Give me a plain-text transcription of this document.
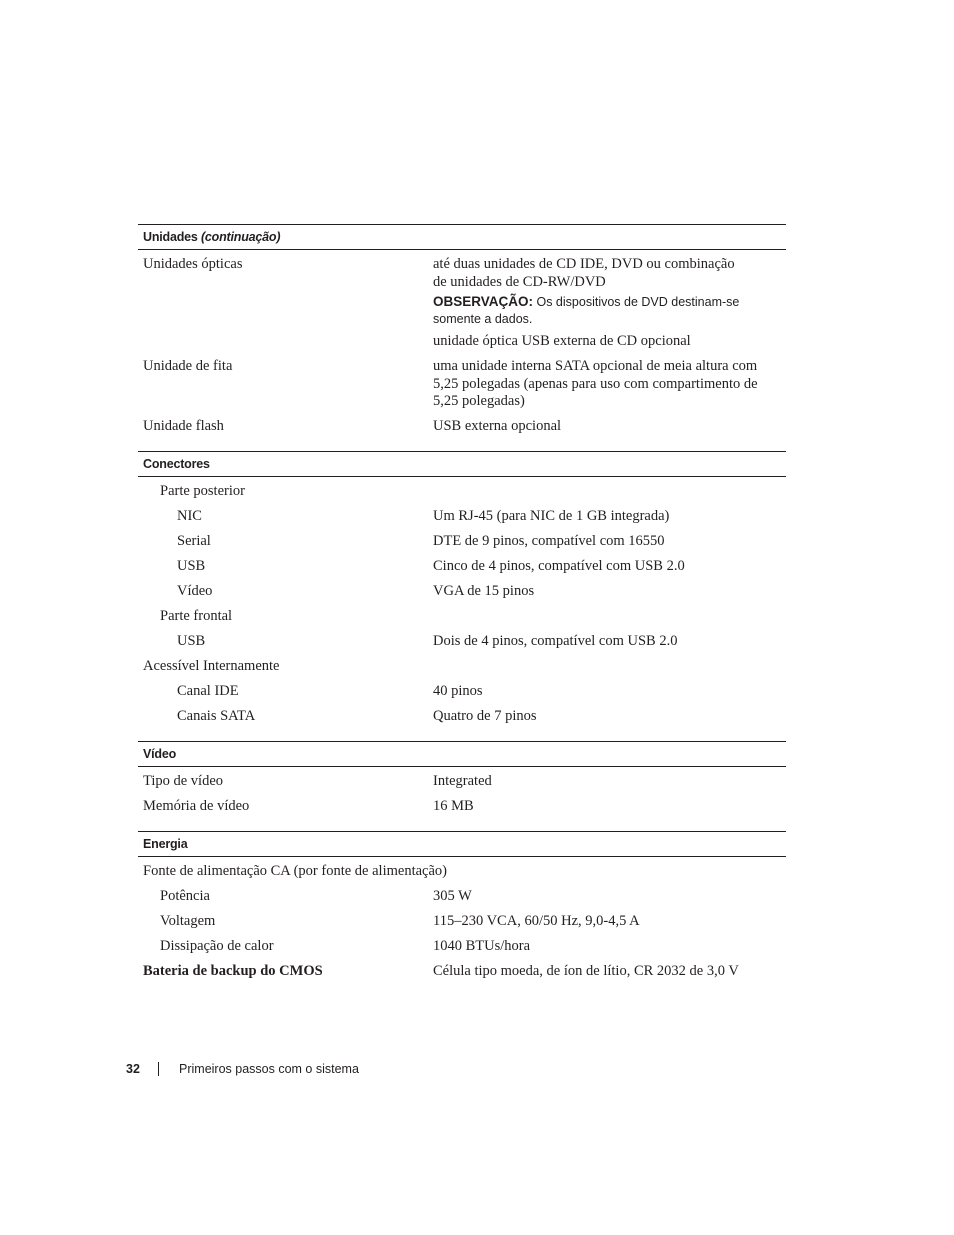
Unidades (continuação)
Unidades ópticas	até duas unidades de CD IDE, DVD ou combinação
de unidades de CD-RW/DVD
OBSERVAÇÃO: Os dispositivos de DVD destinam-se
somente a dados.
unidade óptica USB externa de CD opcional
Unidade de fita	uma unidade interna SATA opcional de meia altura com
5,25 polegadas (apenas para uso com compartimento de
5,25 polegadas)
Unidade flash	USB externa opcional
Conectores
Parte posterior
NIC	Um RJ-45 (para NIC de 1 GB integrada)
Serial	DTE de 9 pinos, compatível com 16550
USB	Cinco de 4 pinos, compatível com USB 2.0
Vídeo	VGA de 15 pinos
Parte frontal
USB	Dois de 4 pinos, compatível com USB 2.0
Acessível Internamente
Canal IDE	40 pinos
Canais SATA	Quatro de 7 pinos
Vídeo
Tipo de vídeo	Integrated
Memória de vídeo	16 MB
Energia
Fonte de alimentação CA (por fonte de alimentação)
Potência	305 W
Voltagem	115–230 VCA, 60/50 Hz, 9,0-4,5 A
Dissipação de calor	1040 BTUs/hora
Bateria de backup do CMOS	Célula tipo moeda, de íon de lítio, CR 2032 de 3,0 V
32	Primeiros passos com o sistema
